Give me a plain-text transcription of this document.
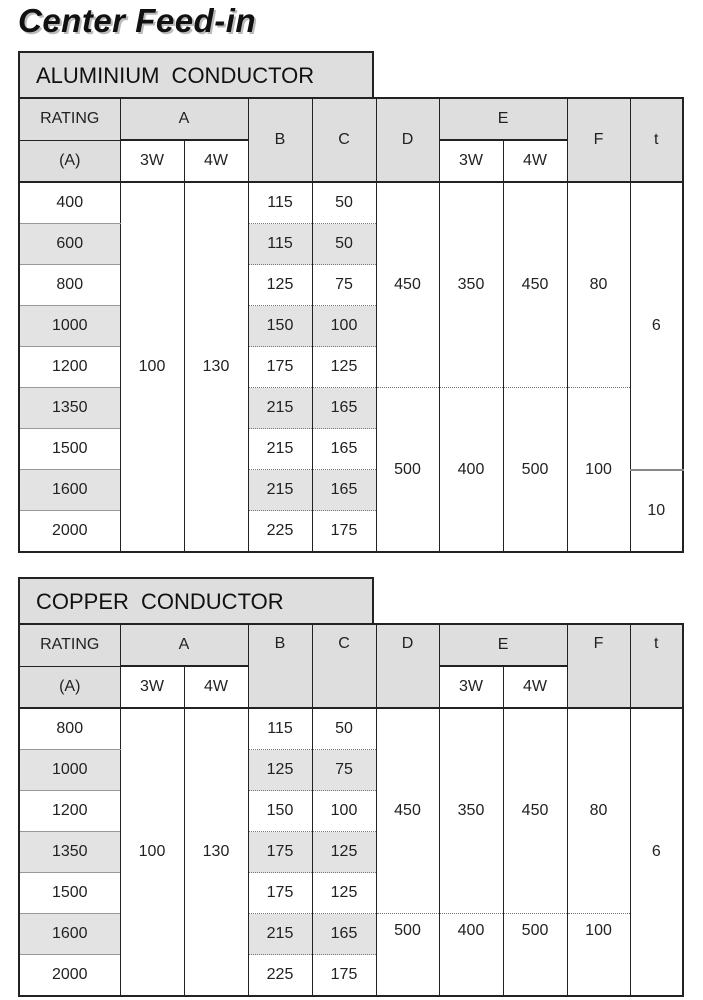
Center Feed-in
ALUMINIUM CONDUCTOR
RATING	A		B	C	D	E		F	t
(A)	3W	4W				3W	4W		
400	100	130	115	50	450	350	450	80	6
600			115	50					
800			125	75					
1000			150	100					
1200			175	125					
1350			215	165	500	400	500	100	
1500			215	165					
1600			215	165					10
2000			225	175					
COPPER CONDUCTOR
RATING	A		B	C	D	E		F	t
(A)	3W	4W				3W	4W		
800	100	130	115	50	450	350	450	80	6
1000			125	75					
1200			150	100					
1350			175	125					
1500			175	125					
1600			215	165	500	400	500	100	
2000			225	175					
